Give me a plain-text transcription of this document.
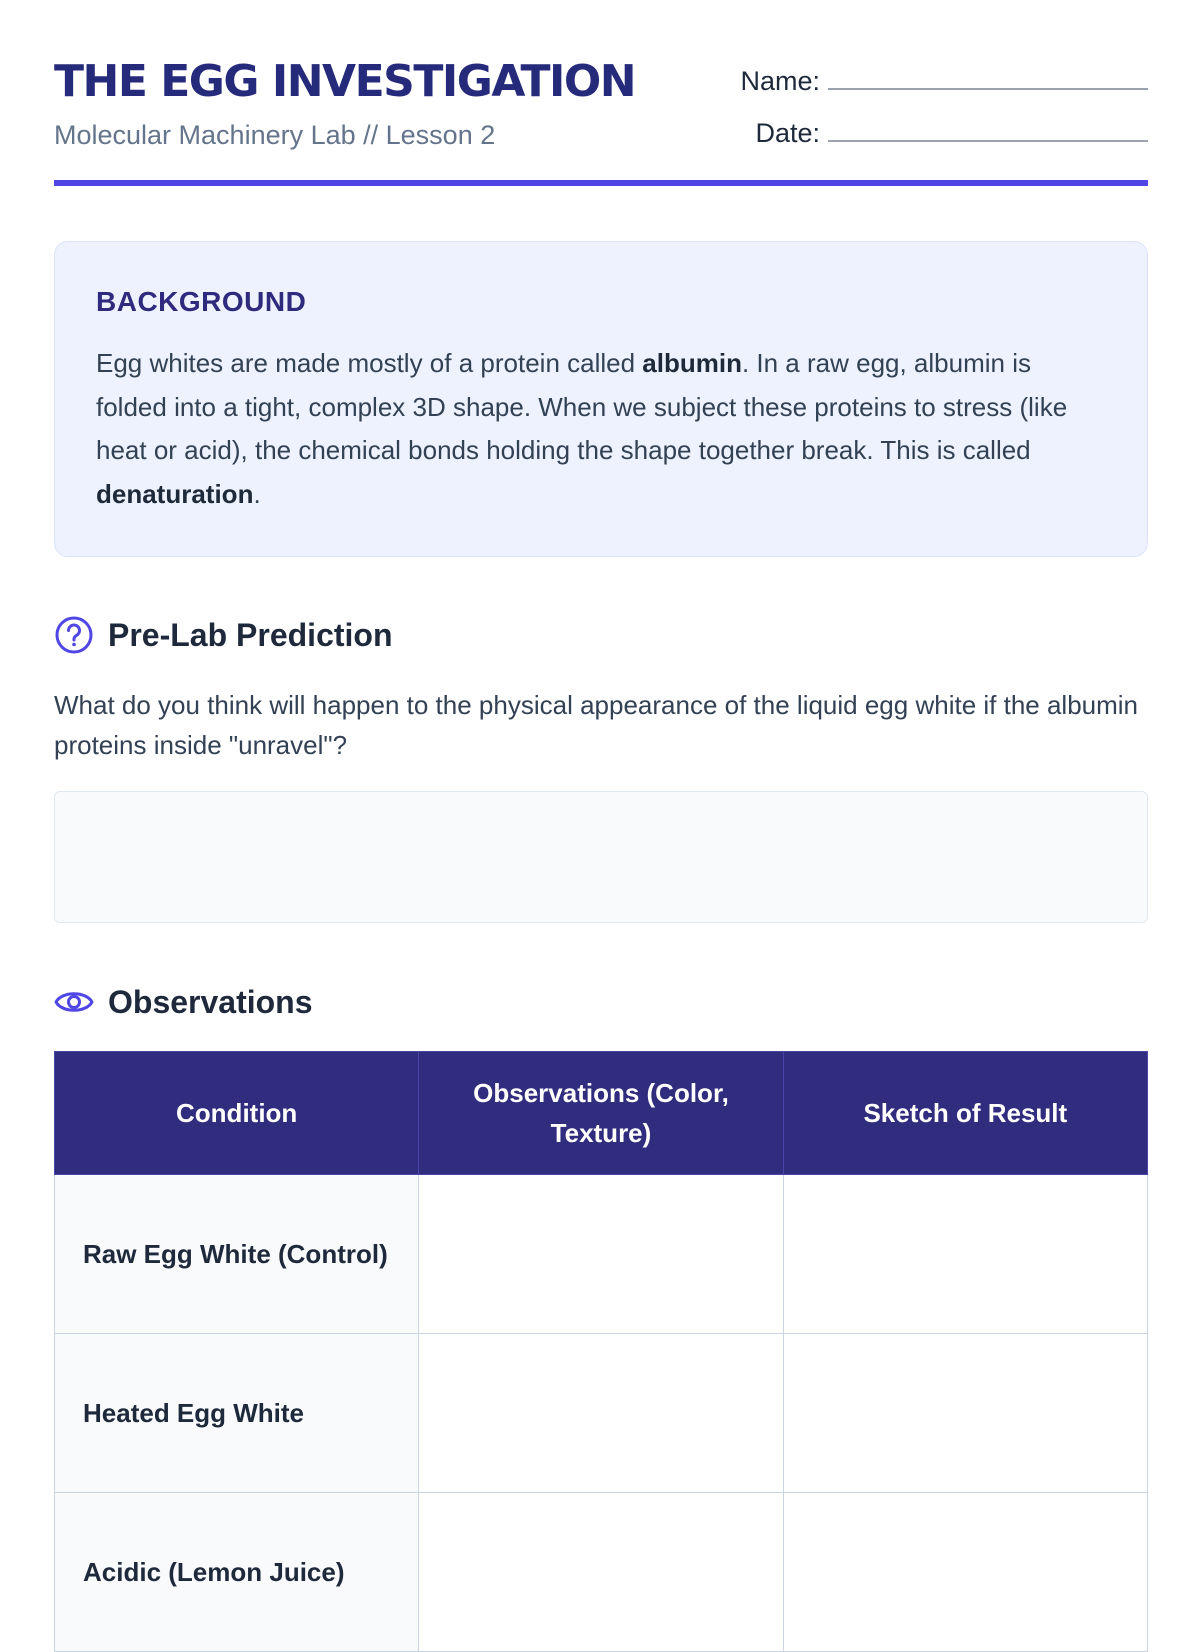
THE EGG INVESTIGATION
Molecular Machinery Lab // Lesson 2
Name:
Date:
BACKGROUND

Egg whites are made mostly of a protein called albumin. In a raw egg, albumin is folded into a tight, complex 3D shape. When we subject these proteins to stress (like heat or acid), the chemical bonds holding the shape together break. This is called denaturation.

Pre-Lab Prediction

What do you think will happen to the physical appearance of the liquid egg white if the albumin proteins inside "unravel"?

Observations
Condition	Observations (Color, Texture)	Sketch of Result
Raw Egg White (Control)		
Heated Egg White		
Acidic (Lemon Juice)		
